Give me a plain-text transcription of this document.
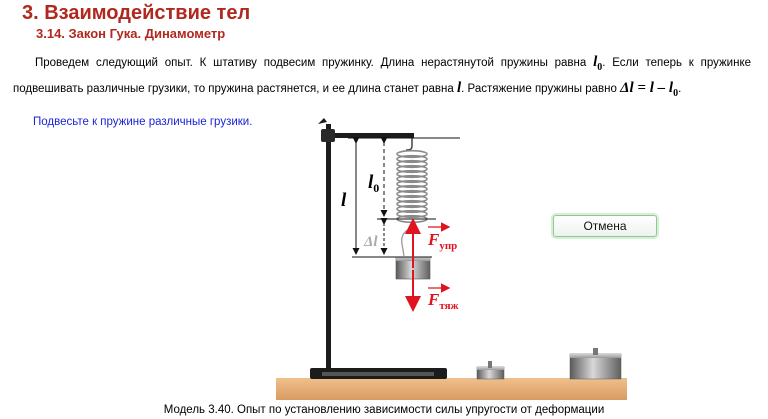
3. Взаимодействие тел
3.14. Закон Гука. Динамометр
Проведем следующий опыт. К штативу подвесим пружинку. Длина нерастянутой пружины равна $l_0$. Если теперь к пружинке подвешивать различные грузики, то пружина растянется, и ее длина станет равна l. Растяжение пружины равно $\Delta l = l - l_0$.
Подвесьте к пружине различные грузики.
l
$l_0$
Δl	$F_{упр}$
$F_{тяж}$
Отмена
Модель 3.40. Опыт по установлению зависимости силы упругости от деформации
